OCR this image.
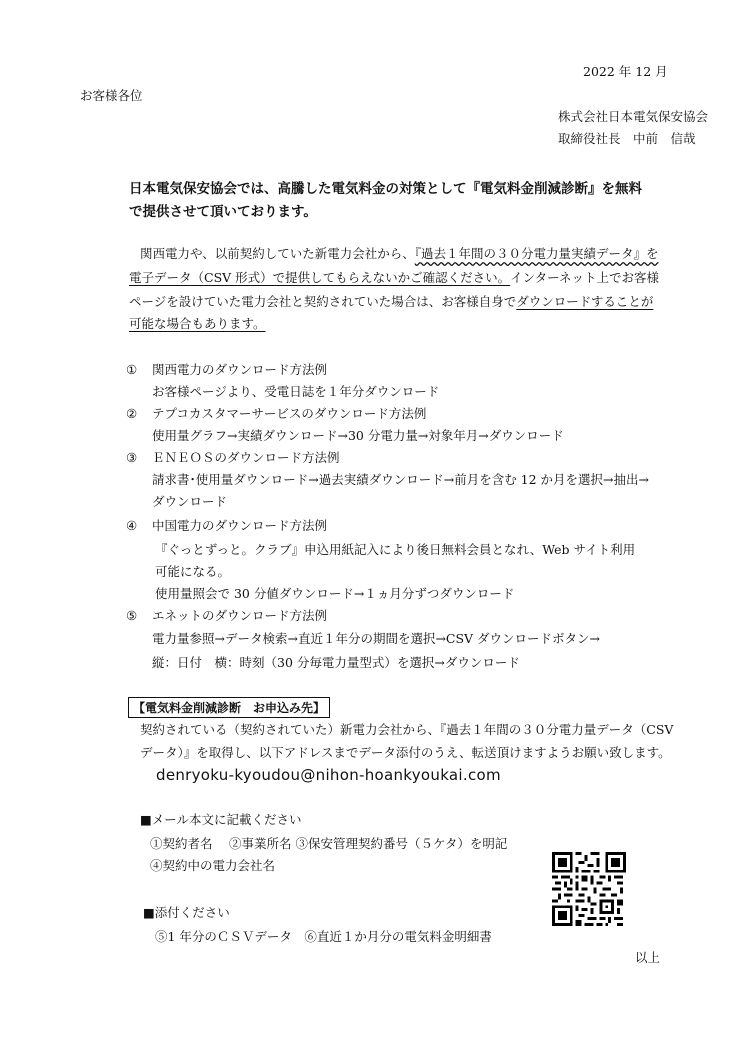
2022 年 12 月
お客様各位
株式会社日本電気保安協会
取締役社長　中前　信哉
日本電気保安協会では、高騰した電気料金の対策として『電気料金削減診断』を無料
で提供させて頂いております。
関西電力や、以前契約していた新電力会社から、『過去１年間の３０分電力量実績データ』を
電子データ（CSV 形式）で提供してもらえないかご確認ください。インターネット上でお客様
ページを設けていた電力会社と契約されていた場合は、お客様自身でダウンロードすることが
可能な場合もあります。
① 関西電力のダウンロード方法例
お客様ページより、受電日誌を１年分ダウンロード
② テプコカスタマーサービスのダウンロード方法例
使用量グラフ→実績ダウンロード→30 分電力量→対象年月→ダウンロード
③ ＥＮＥＯＳのダウンロード方法例
請求書･使用量ダウンロード→過去実績ダウンロード→前月を含む 12 か月を選択→抽出→
ダウンロード
④ 中国電力のダウンロード方法例
『ぐっとずっと。クラブ』申込用紙記入により後日無料会員となれ、Web サイト利用
可能になる。
使用量照会で 30 分値ダウンロード→１ヵ月分ずつダウンロード
⑤ エネットのダウンロード方法例
電力量参照→データ検索→直近１年分の期間を選択→CSV ダウンロードボタン→
縦：日付　横：時刻（30 分毎電力量型式）を選択→ダウンロード
【電気料金削減診断　お申込み先】
契約されている（契約されていた）新電力会社から、『過去１年間の３０分電力量データ（CSV
データ）』を取得し、以下アドレスまでデータ添付のうえ、転送頂けますようお願い致します。
denryoku-kyoudou@nihon-hoankyoukai.com
■メール本文に記載ください
①契約者名　 ②事業所名 ③保安管理契約番号（５ケタ）を明記
④契約中の電力会社名
■添付ください
⑤1 年分のＣＳＶデータ　⑥直近１か月分の電気料金明細書
以上
